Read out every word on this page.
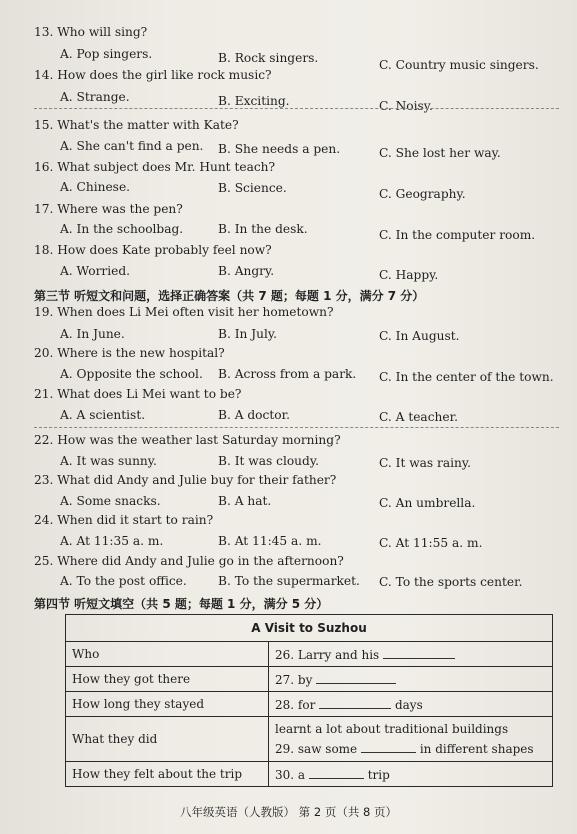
13. Who will sing?
A. Pop singers.	B. Rock singers.	C. Country music singers.
14. How does the girl like rock music?
A. Strange.	B. Exciting.	C. Noisy.
15. What's the matter with Kate?
A. She can't find a pen. B. She needs a pen.	C. She lost her way.
16. What subject does Mr. Hunt teach?
A. Chinese.	B. Science.	C. Geography.
17. Where was the pen?
A. In the schoolbag.	B. In the desk.	C. In the computer room.
18. How does Kate probably feel now?
A. Worried.	B. Angry.	C. Happy.
第三节 听短文和问题，选择正确答案（共 7 题；每题 1 分，满分 7 分）
19. When does Li Mei often visit her hometown?
A. In June.	B. In July.	C. In August.
20. Where is the new hospital?
A. Opposite the school. B. Across from a park. C. In the center of the town.
21. What does Li Mei want to be?
A. A scientist.	B. A doctor.	C. A teacher.
22. How was the weather last Saturday morning?
A. It was sunny.	B. It was cloudy.	C. It was rainy.
23. What did Andy and Julie buy for their father?
A. Some snacks.	B. A hat.	C. An umbrella.
24. When did it start to rain?
A. At 11:35 a. m.	B. At 11:45 a. m.	C. At 11:55 a. m.
25. Where did Andy and Julie go in the afternoon?
A. To the post office.	B. To the supermarket. C. To the sports center.
第四节 听短文填空（共 5 题；每题 1 分，满分 5 分）
A Visit to Suzhou	
Who	26. Larry and his
How they got there	27. by
How long they stayed	28. for days
What they did	learnt a lot about traditional buildings
29. saw some in different shapes

How they felt about the trip	30. a trip
八年级英语（人教版） 第 2 页（共 8 页）
